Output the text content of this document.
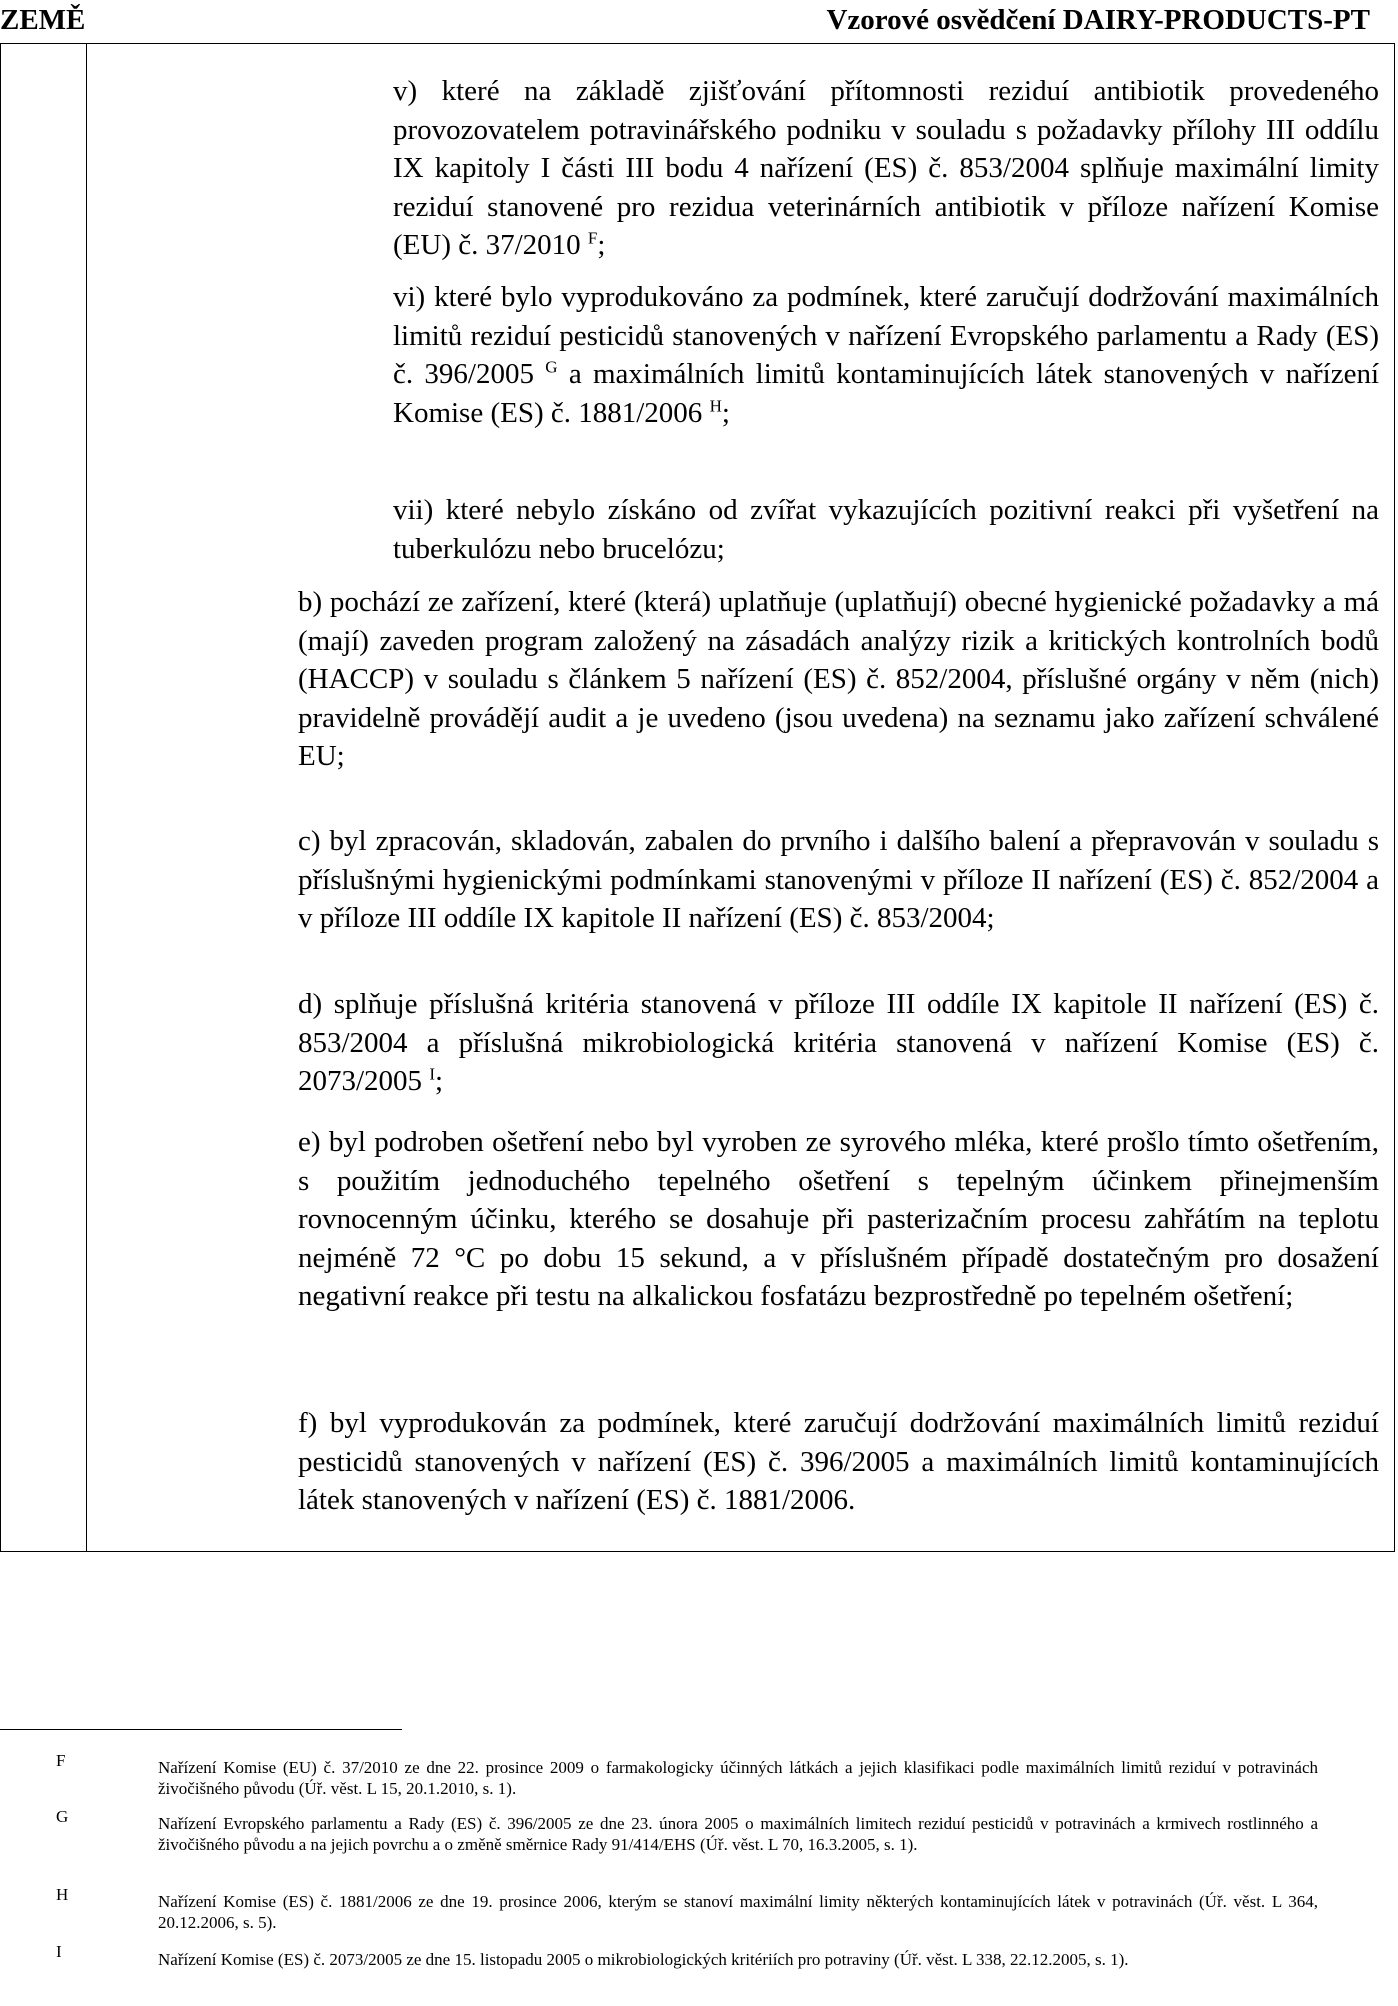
ZEMĚ	Vzorové osvědčení DAIRY-PRODUCTS-PT

v) které na základě zjišťování přítomnosti reziduí antibiotik provedeného provozovatelem potravinářského podniku v souladu s požadavky přílohy III oddílu IX kapitoly I části III bodu 4 nařízení (ES) č. 853/2004 splňuje maximální limity reziduí stanovené pro rezidua veterinárních antibiotik v příloze nařízení Komise (EU) č. 37/2010 $^F$;

vi) které bylo vyprodukováno za podmínek, které zaručují dodržování maximálních limitů reziduí pesticidů stanovených v nařízení Evropského parlamentu a Rady (ES) č. 396/2005 $^G$ a maximálních limitů kontaminujících látek stanovených v nařízení Komise (ES) č. 1881/2006 $^H$;

vii) které nebylo získáno od zvířat vykazujících pozitivní reakci při vyšetření na tuberkulózu nebo brucelózu;

b) pochází ze zařízení, které (která) uplatňuje (uplatňují) obecné hygienické požadavky a má (mají) zaveden program založený na zásadách analýzy rizik a kritických kontrolních bodů (HACCP) v souladu s článkem 5 nařízení (ES) č. 852/2004, příslušné orgány v něm (nich) pravidelně provádějí audit a je uvedeno (jsou uvedena) na seznamu jako zařízení schválené EU;

c) byl zpracován, skladován, zabalen do prvního i dalšího balení a přepravován v souladu s příslušnými hygienickými podmínkami stanovenými v příloze II nařízení (ES) č. 852/2004 a v příloze III oddíle IX kapitole II nařízení (ES) č. 853/2004;

d) splňuje příslušná kritéria stanovená v příloze III oddíle IX kapitole II nařízení (ES) č. 853/2004 a příslušná mikrobiologická kritéria stanovená v nařízení Komise (ES) č. 2073/2005 $^I$;

e) byl podroben ošetření nebo byl vyroben ze syrového mléka, které prošlo tímto ošetřením, s použitím jednoduchého tepelného ošetření s tepelným účinkem přinejmenším rovnocenným účinku, kterého se dosahuje při pasterizačním procesu zahřátím na teplotu nejméně 72 °C po dobu 15 sekund, a v příslušném případě dostatečným pro dosažení negativní reakce při testu na alkalickou fosfatázu bezprostředně po tepelném ošetření;

f) byl vyprodukován za podmínek, které zaručují dodržování maximálních limitů reziduí pesticidů stanovených v nařízení (ES) č. 396/2005 a maximálních limitů kontaminujících látek stanovených v nařízení (ES) č. 1881/2006.

F	Nařízení Komise (EU) č. 37/2010 ze dne 22. prosince 2009 o farmakologicky účinných látkách a jejich klasifikaci podle maximálních limitů reziduí v potravinách živočišného původu (Úř. věst. L 15, 20.1.2010, s. 1).
G	Nařízení Evropského parlamentu a Rady (ES) č. 396/2005 ze dne 23. února 2005 o maximálních limitech reziduí pesticidů v potravinách a krmivech rostlinného a živočišného původu a na jejich povrchu a o změně směrnice Rady 91/414/EHS (Úř. věst. L 70, 16.3.2005, s. 1).
H	Nařízení Komise (ES) č. 1881/2006 ze dne 19. prosince 2006, kterým se stanoví maximální limity některých kontaminujících látek v potravinách (Úř. věst. L 364, 20.12.2006, s. 5).
I	Nařízení Komise (ES) č. 2073/2005 ze dne 15. listopadu 2005 o mikrobiologických kritériích pro potraviny (Úř. věst. L 338, 22.12.2005, s. 1).
